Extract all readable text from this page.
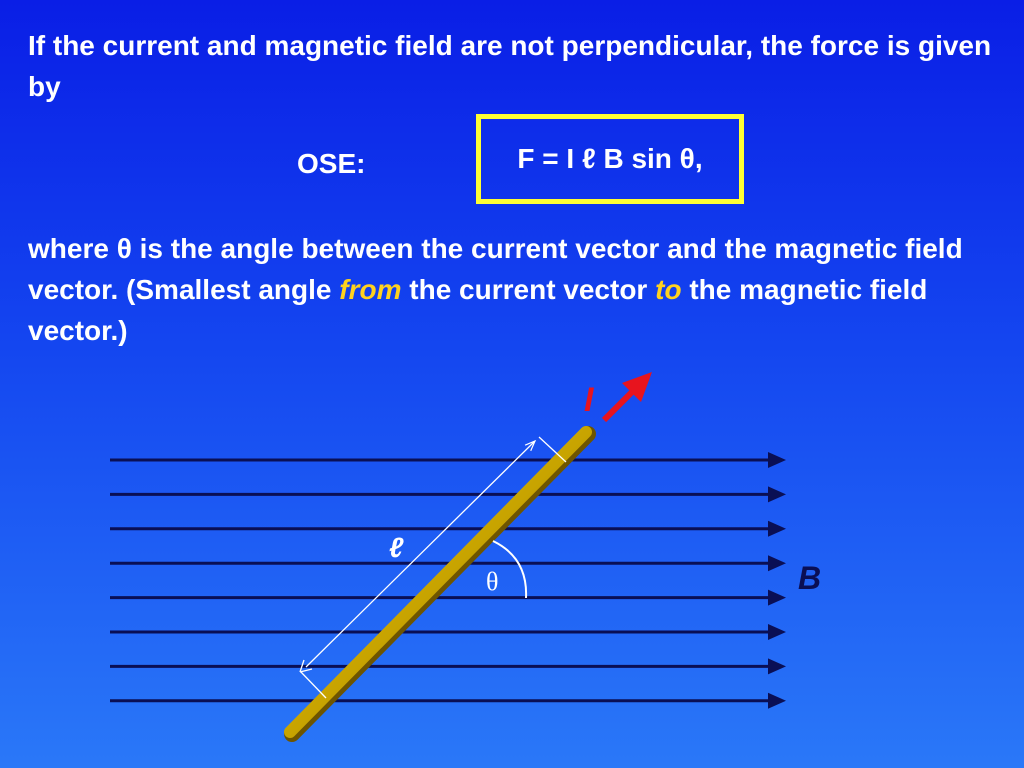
If the current and magnetic field are not perpendicular, the force is given by

OSE:	F = I ℓ B sin θ,

where θ is the angle between the current vector and the magnetic field vector. (Smallest angle from the current vector to the magnetic field vector.)

I
ℓ
θ	B
